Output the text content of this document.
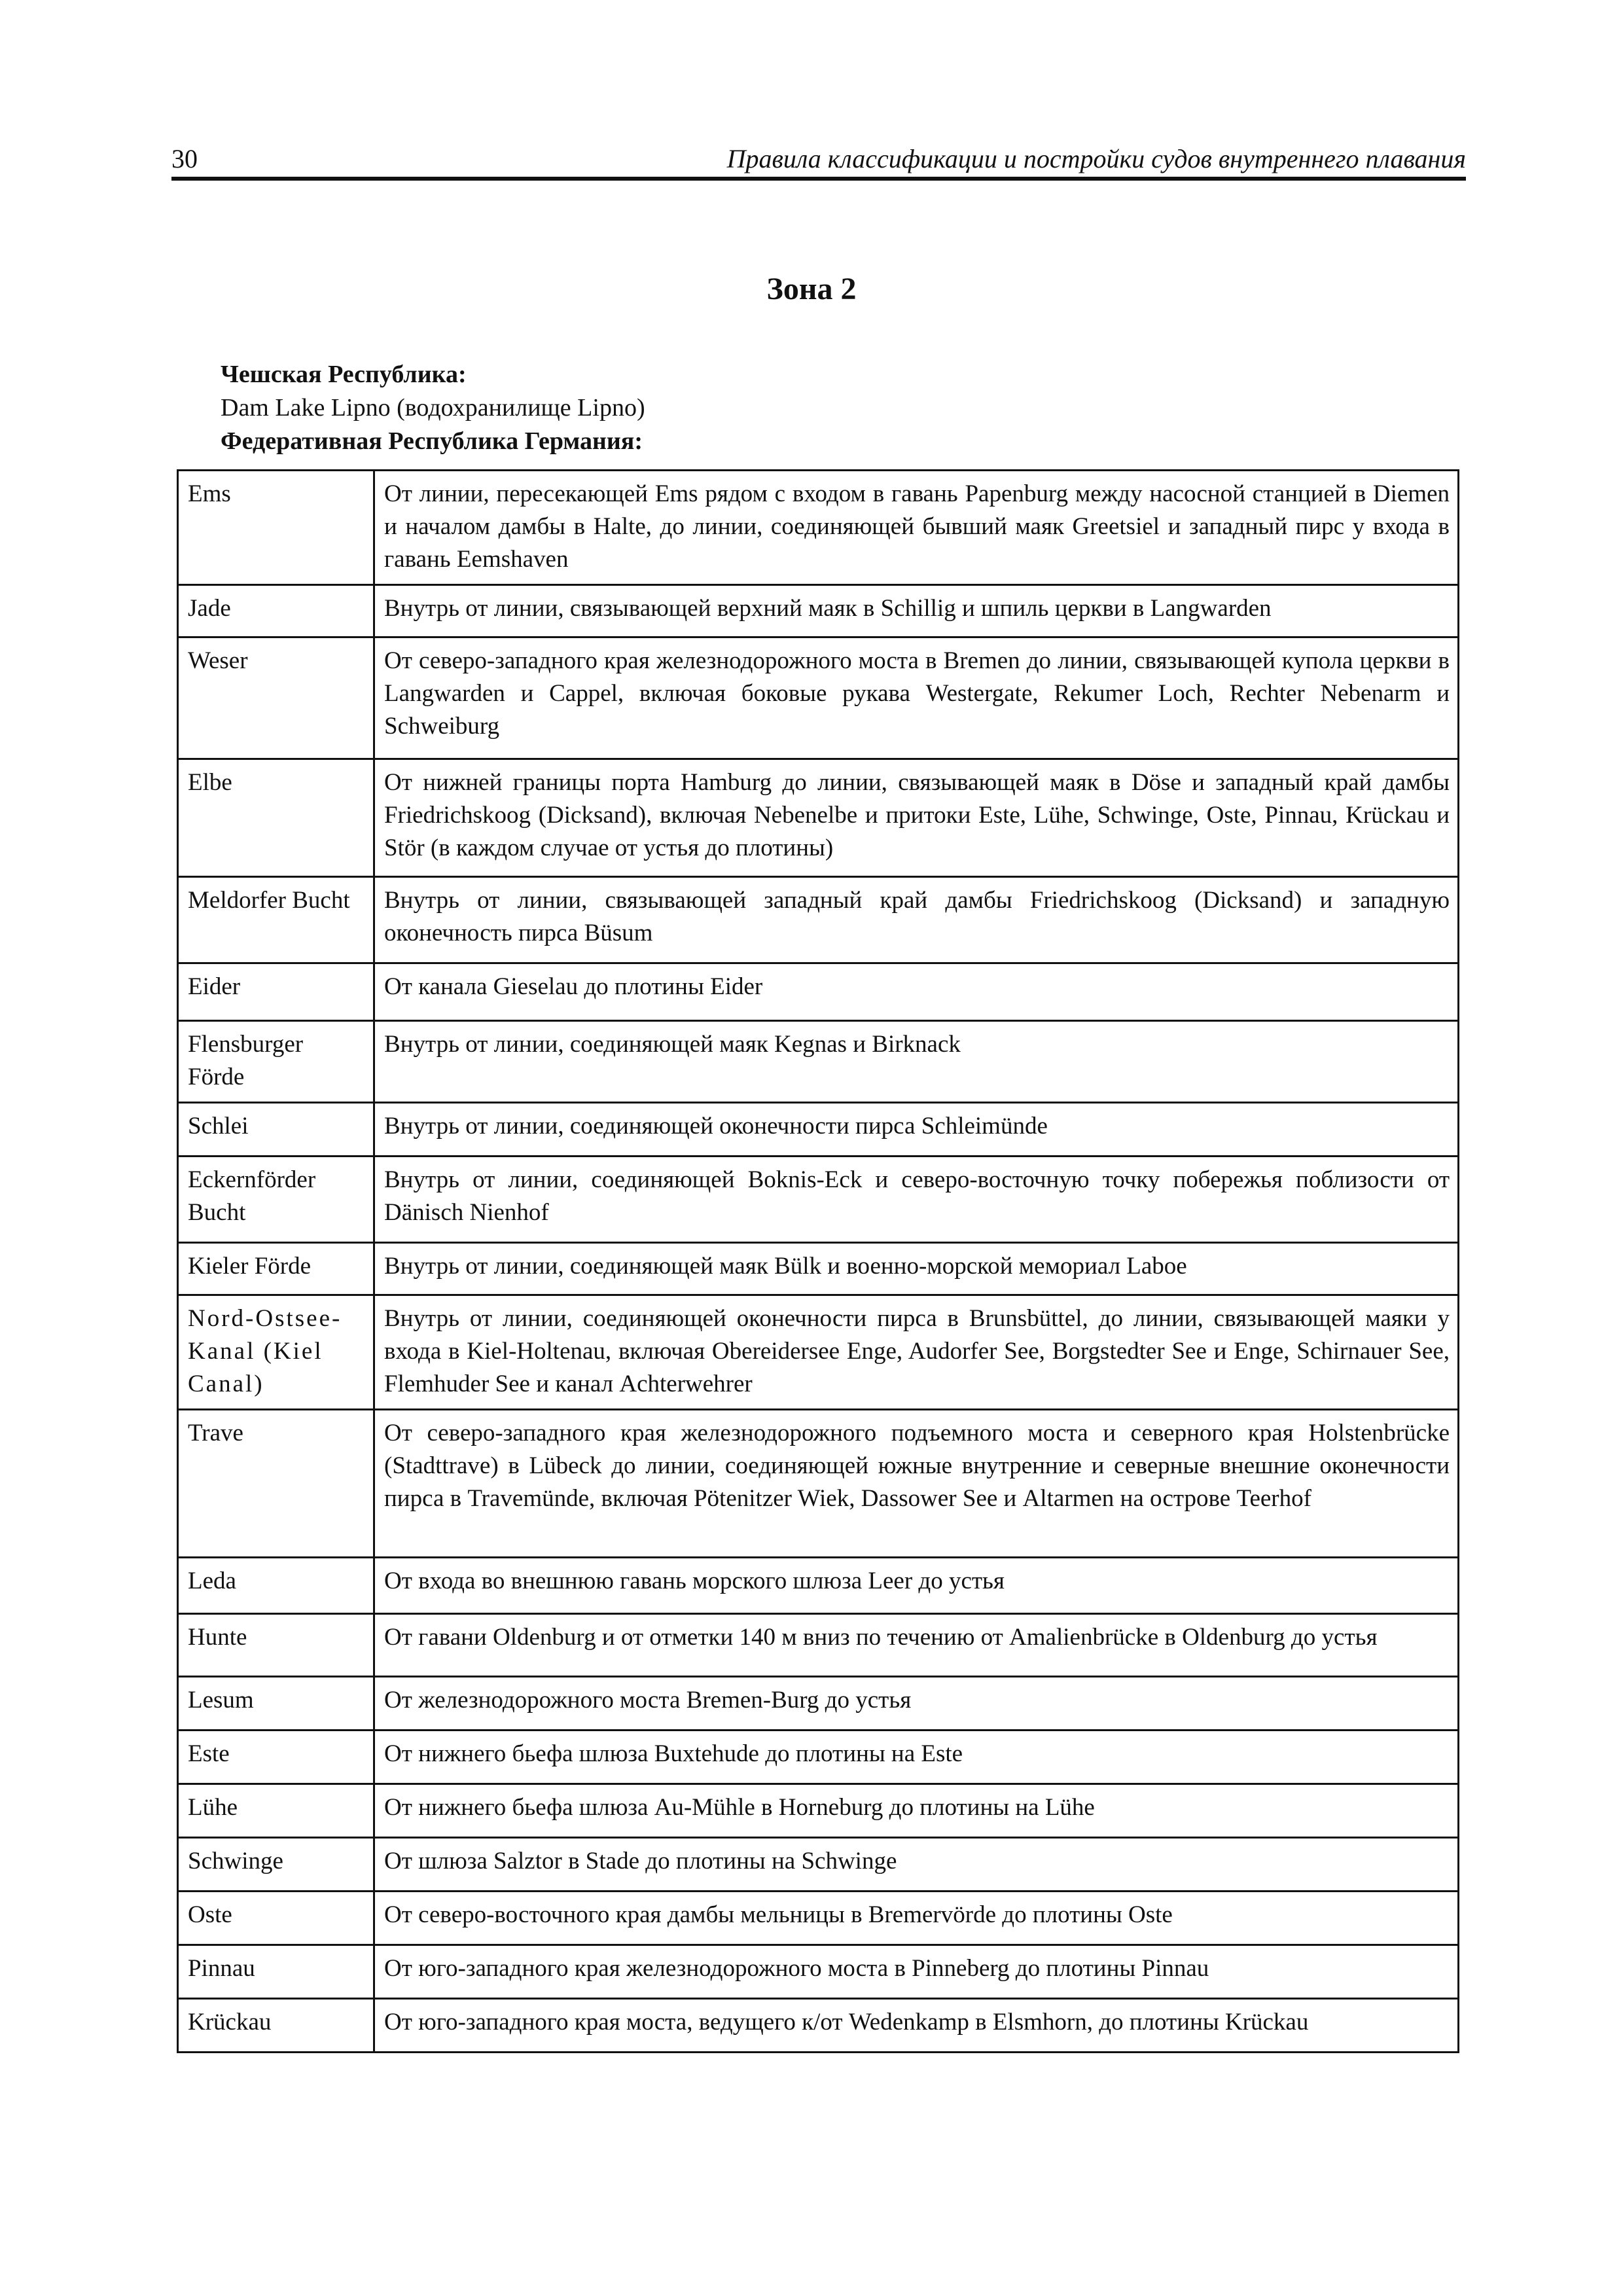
30	Правила классификации и постройки судов внутреннего плавания
Зона 2
Чешская Республика:
Dam Lake Lipno (водохранилище Lipno)
Федеративная Республика Германия:
Ems	От линии, пересекающей Ems рядом с входом в гавань Papenburg между насосной станцией в Diemen и началом дамбы в Halte, до линии, соединяющей бывший маяк Greetsiel и западный пирс у входа в гавань Eemshaven
Jade	Внутрь от линии, связывающей верхний маяк в Schillig и шпиль церкви в Langwarden
Weser	От северо-западного края железнодорожного моста в Bremen до линии, связывающей купола церкви в Langwarden и Cappel, включая боковые рукава Westergate, Rekumer Loch, Rechter Nebenarm и Schweiburg
Elbe	От нижней границы порта Hamburg до линии, связывающей маяк в Döse и западный край дамбы Friedrichskoog (Dicksand), включая Nebenelbe и притоки Este, Lühe, Schwinge, Oste, Pinnau, Krückau и Stör (в каждом случае от устья до плотины)
Meldorfer Bucht	Внутрь от линии, связывающей западный край дамбы Friedrichskoog (Dicksand) и западную оконечность пирса Büsum
Eider	От канала Gieselau до плотины Eider
Flensburger Förde	Внутрь от линии, соединяющей маяк Kegnas и Birknack
Schlei	Внутрь от линии, соединяющей оконечности пирса Schleimünde
Eckernförder Bucht	Внутрь от линии, соединяющей Boknis-Eck и северо-восточную точку побережья поблизости от Dänisch Nienhof
Kieler Förde	Внутрь от линии, соединяющей маяк Bülk и военно-морской мемориал Laboe
Nord-Ostsee-Kanal (Kiel Canal)	Внутрь от линии, соединяющей оконечности пирса в Brunsbüttel, до линии, связывающей маяки у входа в Kiel-Holtenau, включая Obereidersee Enge, Audorfer See, Borgstedter See и Enge, Schirnauer See, Flemhuder See и канал Achterwehrer
Trave	От северо-западного края железнодорожного подъемного моста и северного края Holstenbrücke (Stadttrave) в Lübeck до линии, соединяющей южные внутренние и северные внешние оконечности пирса в Travemünde, включая Pötenitzer Wiek, Dassower See и Altarmen на острове Teerhof
Leda	От входа во внешнюю гавань морского шлюза Leer до устья
Hunte	От гавани Oldenburg и от отметки 140 м вниз по течению от Amalienbrücke в Oldenburg до устья
Lesum	От железнодорожного моста Bremen-Burg до устья
Este	От нижнего бьефа шлюза Buxtehude до плотины на Este
Lühe	От нижнего бьефа шлюза Au-Mühle в Horneburg до плотины на Lühe
Schwinge	От шлюза Salztor в Stade до плотины на Schwinge
Oste	От северо-восточного края дамбы мельницы в Bremervörde до плотины Oste
Pinnau	От юго-западного края железнодорожного моста в Pinneberg до плотины Pinnau
Krückau	От юго-западного края моста, ведущего к/от Wedenkamp в Elsmhorn, до плотины Krückau
